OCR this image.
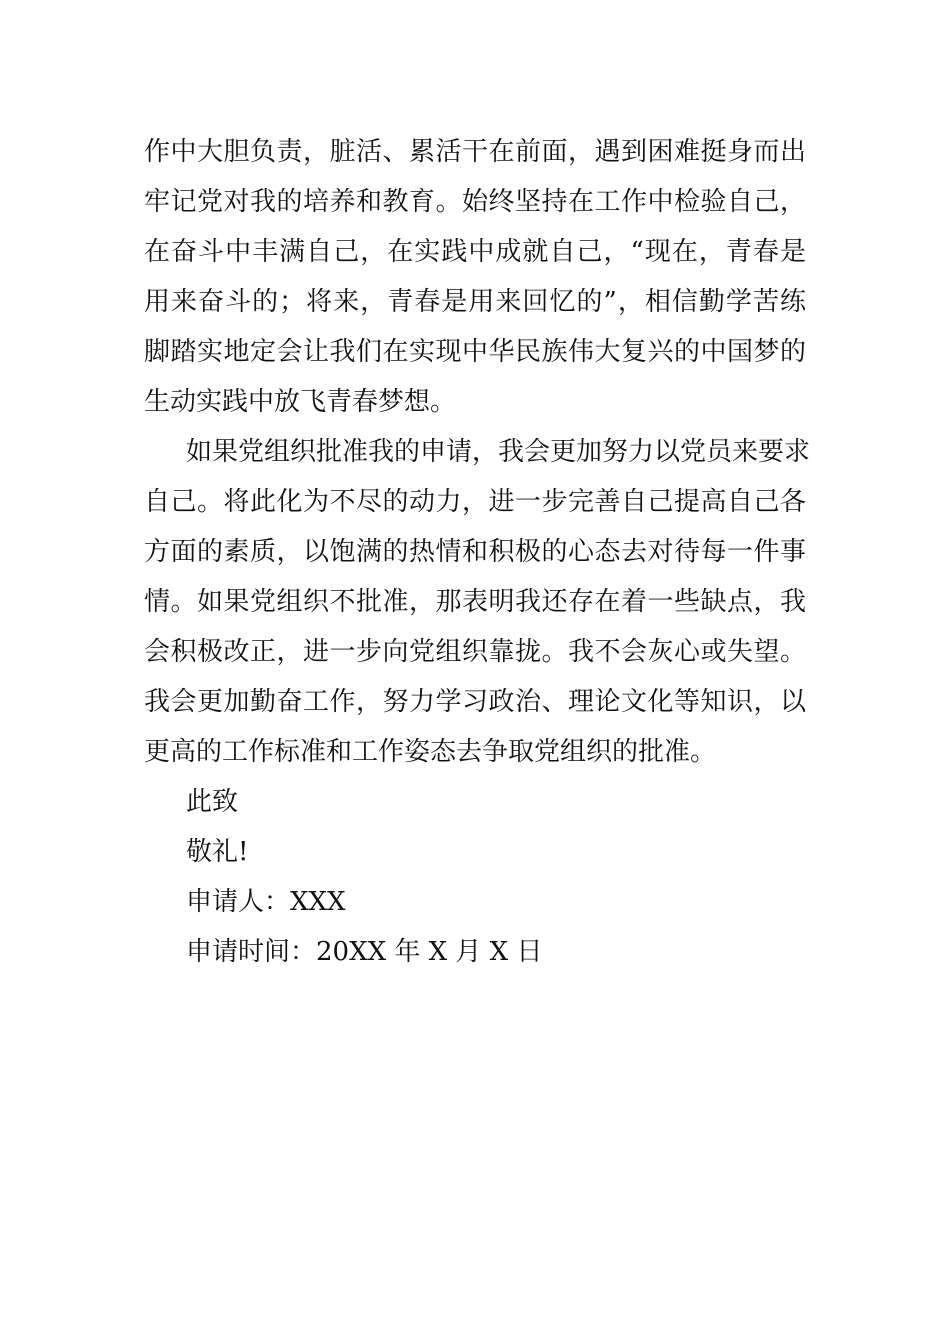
作中大胆负责，脏活、累活干在前面，遇到困难挺身而出
牢记党对我的培养和教育。始终坚持在工作中检验自己，
在奋斗中丰满自己，在实践中成就自己，“现在，青春是
用来奋斗的；将来，青春是用来回忆的”，相信勤学苦练
脚踏实地定会让我们在实现中华民族伟大复兴的中国梦的
生动实践中放飞青春梦想。
如果党组织批准我的申请，我会更加努力以党员来要求
自己。将此化为不尽的动力，进一步完善自己提高自己各
方面的素质，以饱满的热情和积极的心态去对待每一件事
情。如果党组织不批准，那表明我还存在着一些缺点，我
会积极改正，进一步向党组织靠拢。我不会灰心或失望。
我会更加勤奋工作，努力学习政治、理论文化等知识，以
更高的工作标准和工作姿态去争取党组织的批准。
此致
敬礼!
申请人：XXX
申请时间：20XX 年 X 月 X 日
